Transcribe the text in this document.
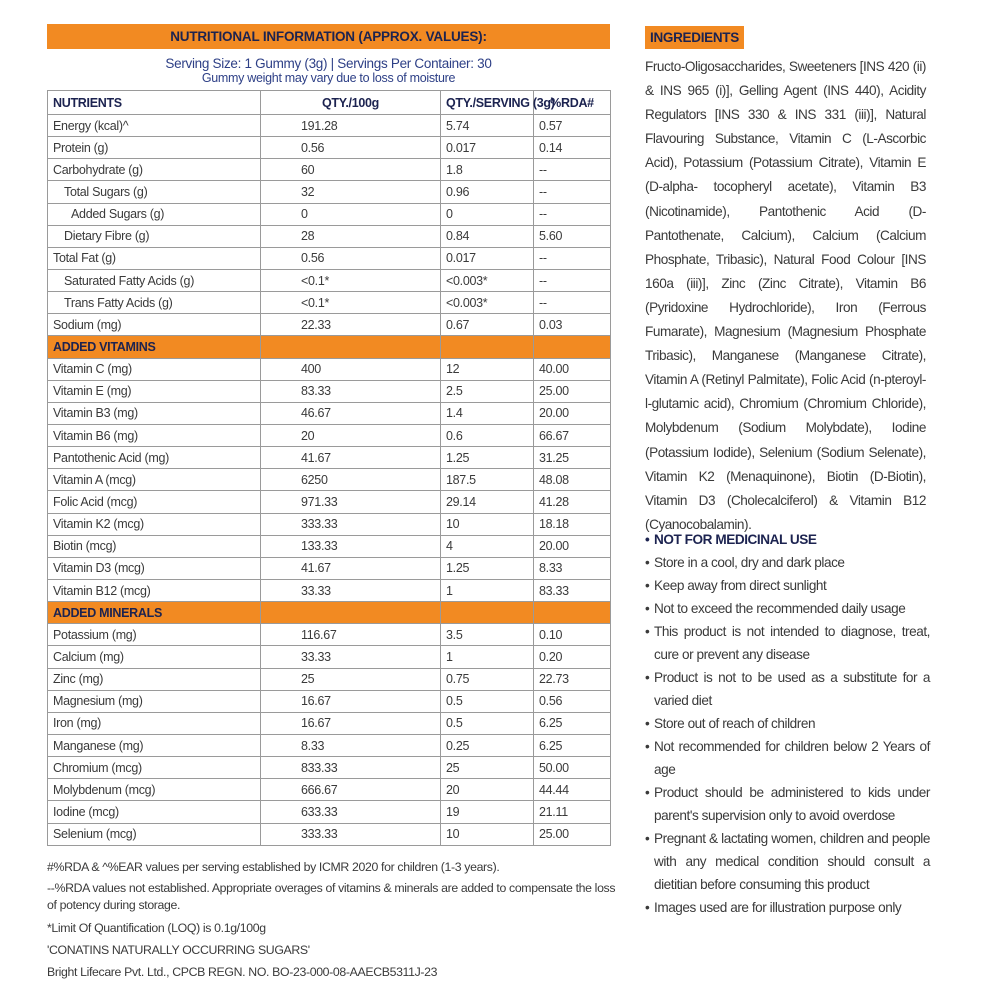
NUTRITIONAL INFORMATION (APPROX. VALUES):
Serving Size: 1 Gummy (3g) | Servings Per Container: 30
Gummy weight may vary due to loss of moisture
NUTRIENTS	QTY./100g	QTY./SERVING (3g)	%RDA#
Energy (kcal)^	191.28	5.74	0.57
Protein (g)	0.56	0.017	0.14
Carbohydrate (g)	60	1.8	--
Total Sugars (g)	32	0.96	--
Added Sugars (g)	0	0	--
Dietary Fibre (g)	28	0.84	5.60
Total Fat (g)	0.56	0.017	--
Saturated Fatty Acids (g)	<0.1*	<0.003*	--
Trans Fatty Acids (g)	<0.1*	<0.003*	--
Sodium (mg)	22.33	0.67	0.03
ADDED VITAMINS			
Vitamin C (mg)	400	12	40.00
Vitamin E (mg)	83.33	2.5	25.00
Vitamin B3 (mg)	46.67	1.4	20.00
Vitamin B6 (mg)	20	0.6	66.67
Pantothenic Acid (mg)	41.67	1.25	31.25
Vitamin A (mcg)	6250	187.5	48.08
Folic Acid (mcg)	971.33	29.14	41.28
Vitamin K2 (mcg)	333.33	10	18.18
Biotin (mcg)	133.33	4	20.00
Vitamin D3 (mcg)	41.67	1.25	8.33
Vitamin B12 (mcg)	33.33	1	83.33
ADDED MINERALS			
Potassium (mg)	116.67	3.5	0.10
Calcium (mg)	33.33	1	0.20
Zinc (mg)	25	0.75	22.73
Magnesium (mg)	16.67	0.5	0.56
Iron (mg)	16.67	0.5	6.25
Manganese (mg)	8.33	0.25	6.25
Chromium (mcg)	833.33	25	50.00
Molybdenum (mcg)	666.67	20	44.44
Iodine (mcg)	633.33	19	21.11
Selenium (mcg)	333.33	10	25.00
#%RDA & ^%EAR values per serving established by ICMR 2020 for children (1-3 years).
--%RDA values not established. Appropriate overages of vitamins & minerals are added to compensate the loss of potency during storage.
*Limit Of Quantification (LOQ) is 0.1g/100g
'CONATINS NATURALLY OCCURRING SUGARS'
Bright Lifecare Pvt. Ltd., CPCB REGN. NO. BO-23-000-08-AAECB5311J-23
INGREDIENTS

Fructo-Oligosaccharides, Sweeteners [INS 420 (ii) & INS 965 (i)], Gelling Agent (INS 440), Acidity Regulators [INS 330 & INS 331 (iii)], Natural Flavouring Substance, Vitamin C (L-Ascorbic Acid), Potassium (Potassium Citrate), Vitamin E (D-alpha- tocopheryl acetate), Vitamin B3 (Nicotinamide), Pantothenic Acid (D-Pantothenate, Calcium), Calcium (Calcium Phosphate, Tribasic), Natural Food Colour [INS 160a (iii)], Zinc (Zinc Citrate), Vitamin B6 (Pyridoxine Hydrochloride), Iron (Ferrous Fumarate), Magnesium (Magnesium Phosphate Tribasic), Manganese (Manganese Citrate), Vitamin A (Retinyl Palmitate), Folic Acid (n-pteroyl-l-glutamic acid), Chromium (Chromium Chloride), Molybdenum (Sodium Molybdate), Iodine (Potassium Iodide), Selenium (Sodium Selenate), Vitamin K2 (Menaquinone), Biotin (D-Biotin), Vitamin D3 (Cholecalciferol) & Vitamin B12 (Cyanocobalamin).

• NOT FOR MEDICINAL USE
• Store in a cool, dry and dark place
• Keep away from direct sunlight
• Not to exceed the recommended daily usage
• This product is not intended to diagnose, treat, cure or prevent any disease
• Product is not to be used as a substitute for a varied diet
• Store out of reach of children
• Not recommended for children below 2 Years of age
• Product should be administered to kids under parent's supervision only to avoid overdose
• Pregnant & lactating women, children and people with any medical condition should consult a dietitian before consuming this product
• Images used are for illustration purpose only
